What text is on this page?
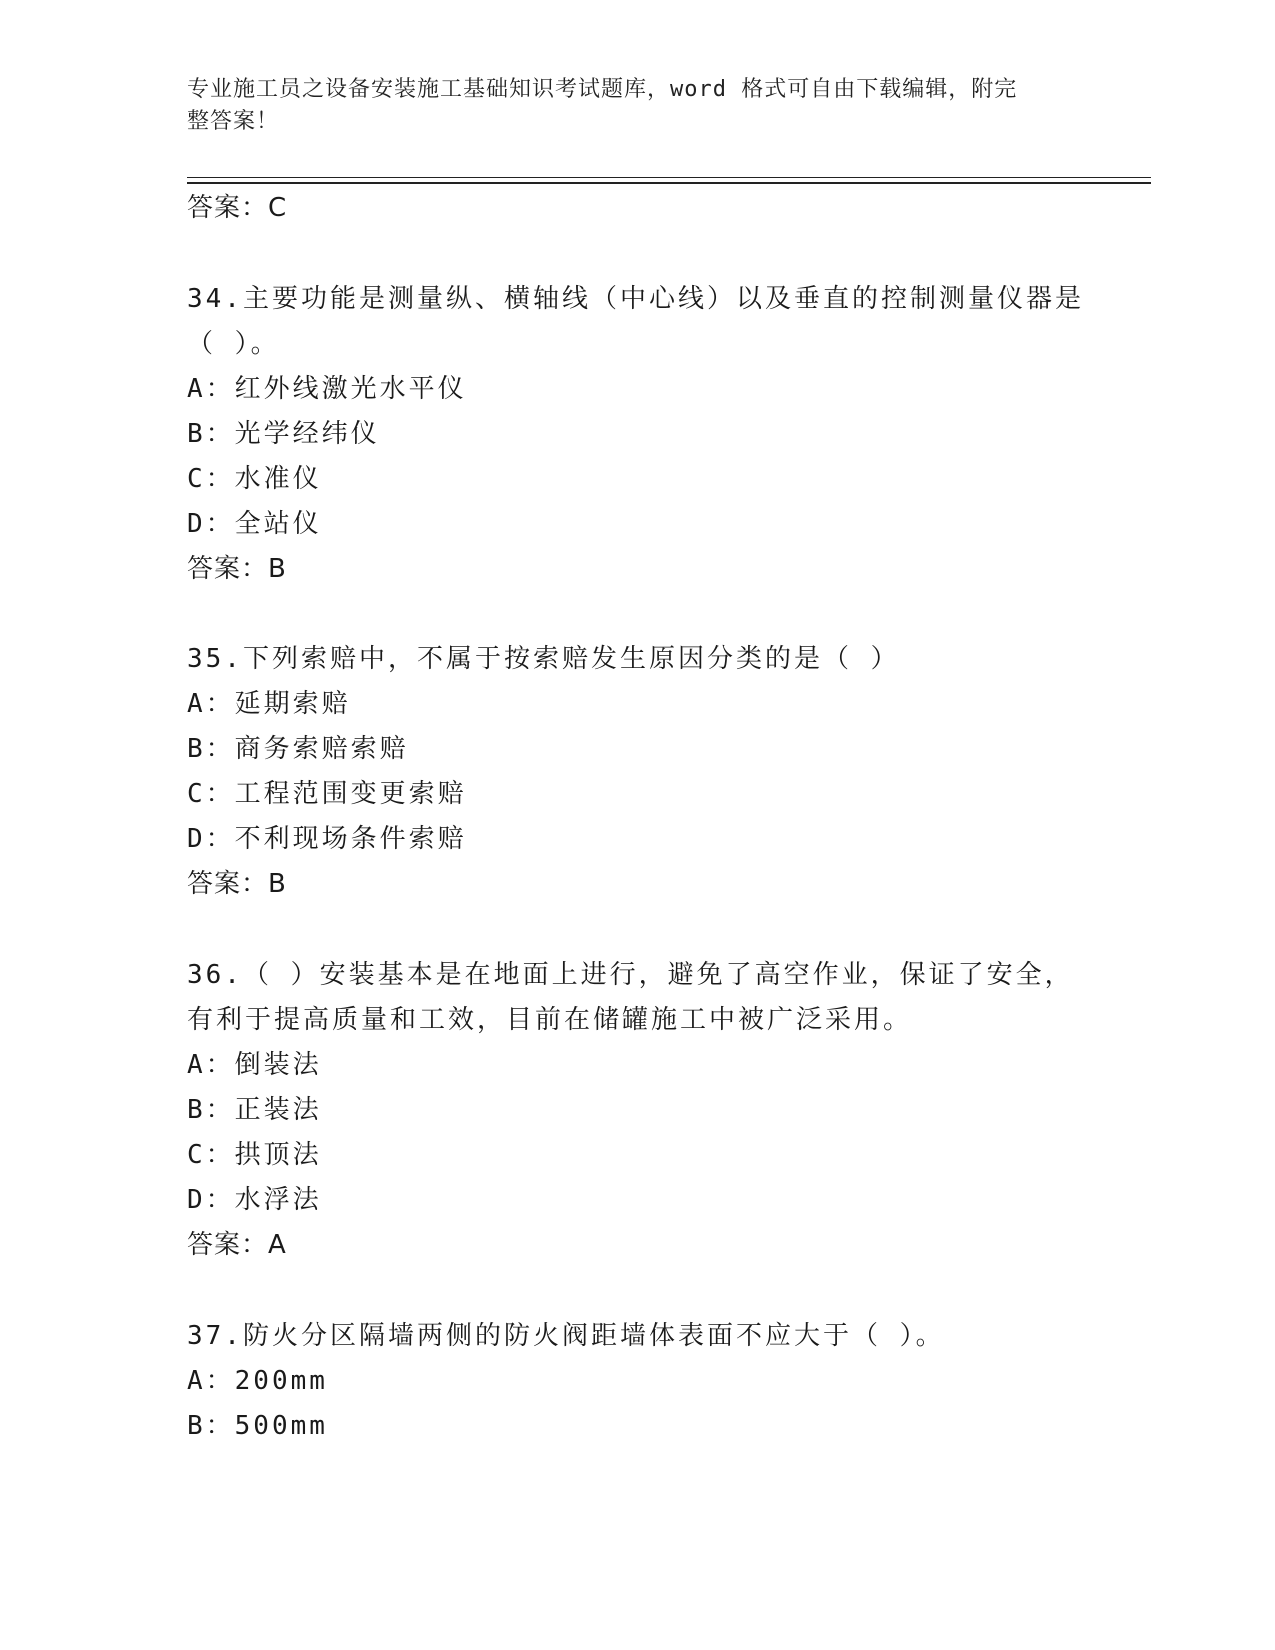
专业施工员之设备安装施工基础知识考试题库，word 格式可自由下载编辑，附完
整答案！
答案：C
34.主要功能是测量纵、横轴线（中心线）以及垂直的控制测量仪器是
（ ）。
A：红外线激光水平仪
B：光学经纬仪
C：水准仪
D：全站仪
答案：B
35.下列索赔中，不属于按索赔发生原因分类的是（ ）
A：延期索赔
B：商务索赔索赔
C：工程范围变更索赔
D：不利现场条件索赔
答案：B
36.（ ）安装基本是在地面上进行，避免了高空作业，保证了安全，
有利于提高质量和工效，目前在储罐施工中被广泛采用。
A：倒装法
B：正装法
C：拱顶法
D：水浮法
答案：A
37.防火分区隔墙两侧的防火阀距墙体表面不应大于（ ）。
A：200mm
B：500mm
